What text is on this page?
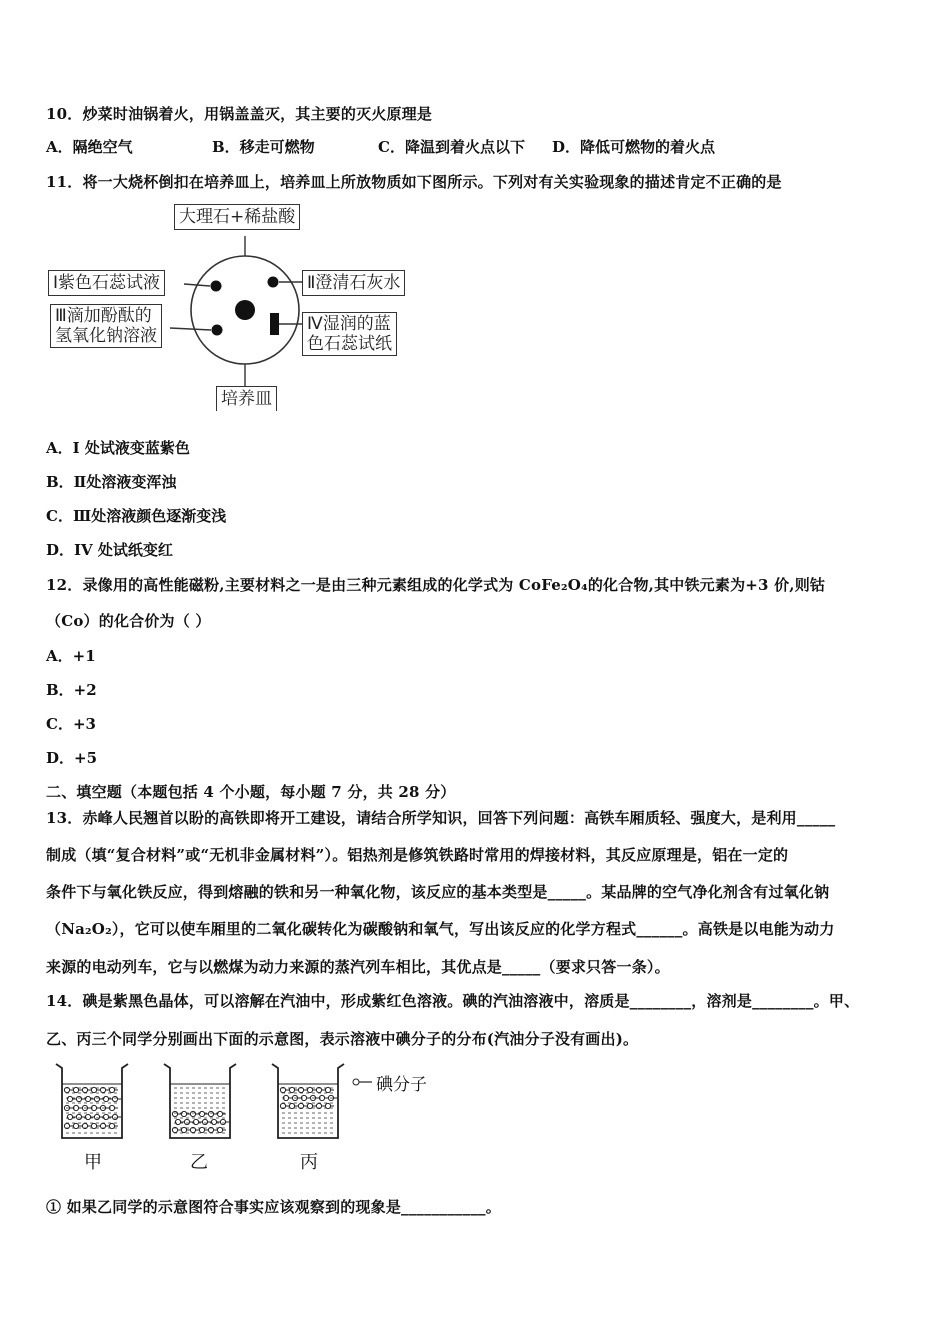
10．炒菜时油锅着火，用锅盖盖灭，其主要的灭火原理是
A．隔绝空气	B．移走可燃物	C．降温到着火点以下 D．降低可燃物的着火点
11．将一大烧杯倒扣在培养皿上，培养皿上所放物质如下图所示。下列对有关实验现象的描述肯定不正确的是
大理石+稀盐酸
Ⅰ紫色石蕊试液	Ⅱ澄清石灰水
Ⅲ滴加酚酞的
氢氧化钠溶液
Ⅳ湿润的蓝
色石蕊试纸
培养皿
A．I 处试液变蓝紫色
B．Ⅱ处溶液变浑浊
C．Ⅲ处溶液颜色逐渐变浅
D．IV 处试纸变红
12．录像用的高性能磁粉,主要材料之一是由三种元素组成的化学式为 CoFe₂O₄的化合物,其中铁元素为+3 价,则钴
（Co）的化合价为（ ）
A．+1
B．+2
C．+3
D．+5
二、填空题（本题包括 4 个小题，每小题 7 分，共 28 分）
13．赤峰人民翘首以盼的高铁即将开工建设，请结合所学知识，回答下列问题：高铁车厢质轻、强度大，是利用_____
制成（填“复合材料”或“无机非金属材料”）。铝热剂是修筑铁路时常用的焊接材料，其反应原理是，铝在一定的
条件下与氧化铁反应，得到熔融的铁和另一种氧化物，该反应的基本类型是_____。某品牌的空气净化剂含有过氧化钠
（Na₂O₂），它可以使车厢里的二氧化碳转化为碳酸钠和氧气，写出该反应的化学方程式______。高铁是以电能为动力
来源的电动列车，它与以燃煤为动力来源的蒸汽列车相比，其优点是_____（要求只答一条）。
14．碘是紫黑色晶体，可以溶解在汽油中，形成紫红色溶液。碘的汽油溶液中，溶质是________，溶剂是________。甲、
乙、丙三个同学分别画出下面的示意图，表示溶液中碘分子的分布(汽油分子没有画出)。
碘分子
甲	乙	丙
① 如果乙同学的示意图符合事实应该观察到的现象是___________。
